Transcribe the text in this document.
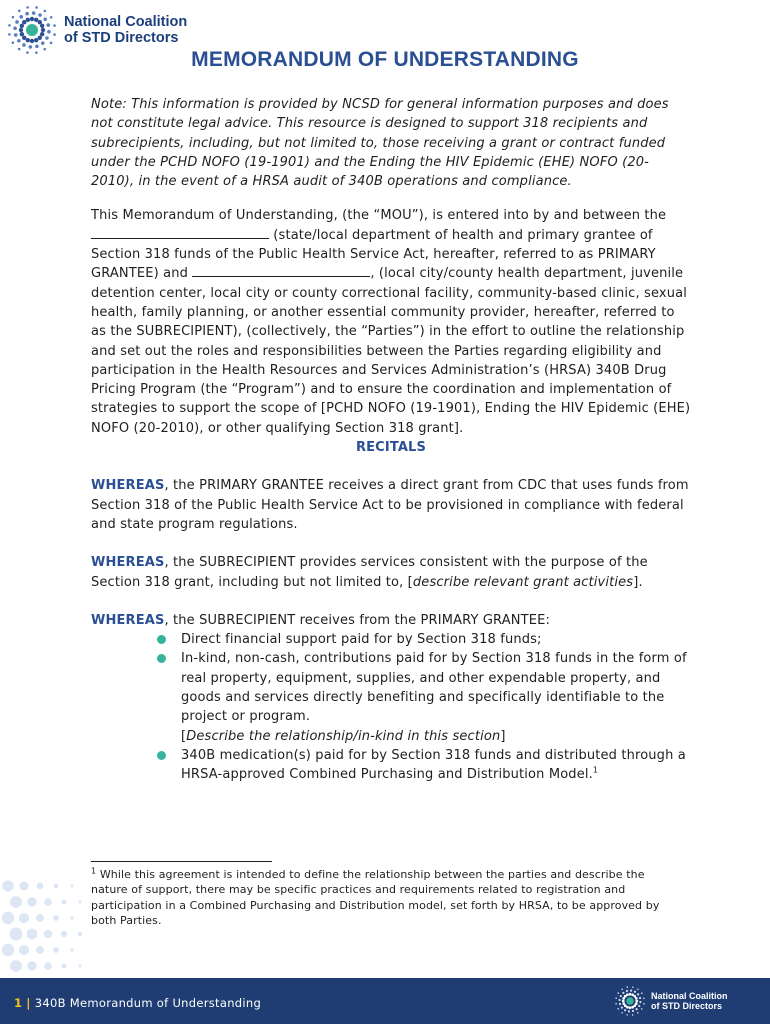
National Coalition
of STD Directors
MEMORANDUM OF UNDERSTANDING

Note: This information is provided by NCSD for general information purposes and does not constitute legal advice. This resource is designed to support 318 recipients and subrecipients, including, but not limited to, those receiving a grant or contract funded under the PCHD NOFO (19-1901) and the Ending the HIV Epidemic (EHE) NOFO (20-2010), in the event of a HRSA audit of 340B operations and compliance.

This Memorandum of Understanding, (the “MOU”), is entered into by and between the  (state/local department of health and primary grantee of Section 318 funds of the Public Health Service Act, hereafter, referred to as PRIMARY GRANTEE) and	, (local city/county health department, juvenile detention center, local city or county correctional facility, community-based clinic, sexual health, family planning, or another essential community provider, hereafter, referred to as the SUBRECIPIENT), (collectively, the “Parties”) in the effort to outline the relationship and set out the roles and responsibilities between the Parties regarding eligibility and participation in the Health Resources and Services Administration’s (HRSA) 340B Drug Pricing Program (the “Program”) and to ensure the coordination and implementation of strategies to support the scope of [PCHD NOFO (19-1901), Ending the HIV Epidemic (EHE) NOFO (20-2010), or other qualifying Section 318 grant].

RECITALS

WHEREAS, the PRIMARY GRANTEE receives a direct grant from CDC that uses funds from Section 318 of the Public Health Service Act to be provisioned in compliance with federal and state program regulations.

WHEREAS, the SUBRECIPIENT provides services consistent with the purpose of the Section 318 grant, including but not limited to, [describe relevant grant activities].

WHEREAS, the SUBRECIPIENT receives from the PRIMARY GRANTEE:

Direct financial support paid for by Section 318 funds;
In-kind, non-cash, contributions paid for by Section 318 funds in the form of real property, equipment, supplies, and other expendable property, and goods and services directly benefiting and specifically identifiable to the project or program.
[Describe the relationship/in-kind in this section]
340B medication(s) paid for by Section 318 funds and distributed through a HRSA-approved Combined Purchasing and Distribution Model.$^1$
$^1$ While this agreement is intended to define the relationship between the parties and describe the nature of support, there may be specific practices and requirements related to registration and participation in a Combined Purchasing and Distribution model, set forth by HRSA, to be approved by both Parties.
1 | 340B Memorandum of Understanding	National Coalition
of STD Directors
